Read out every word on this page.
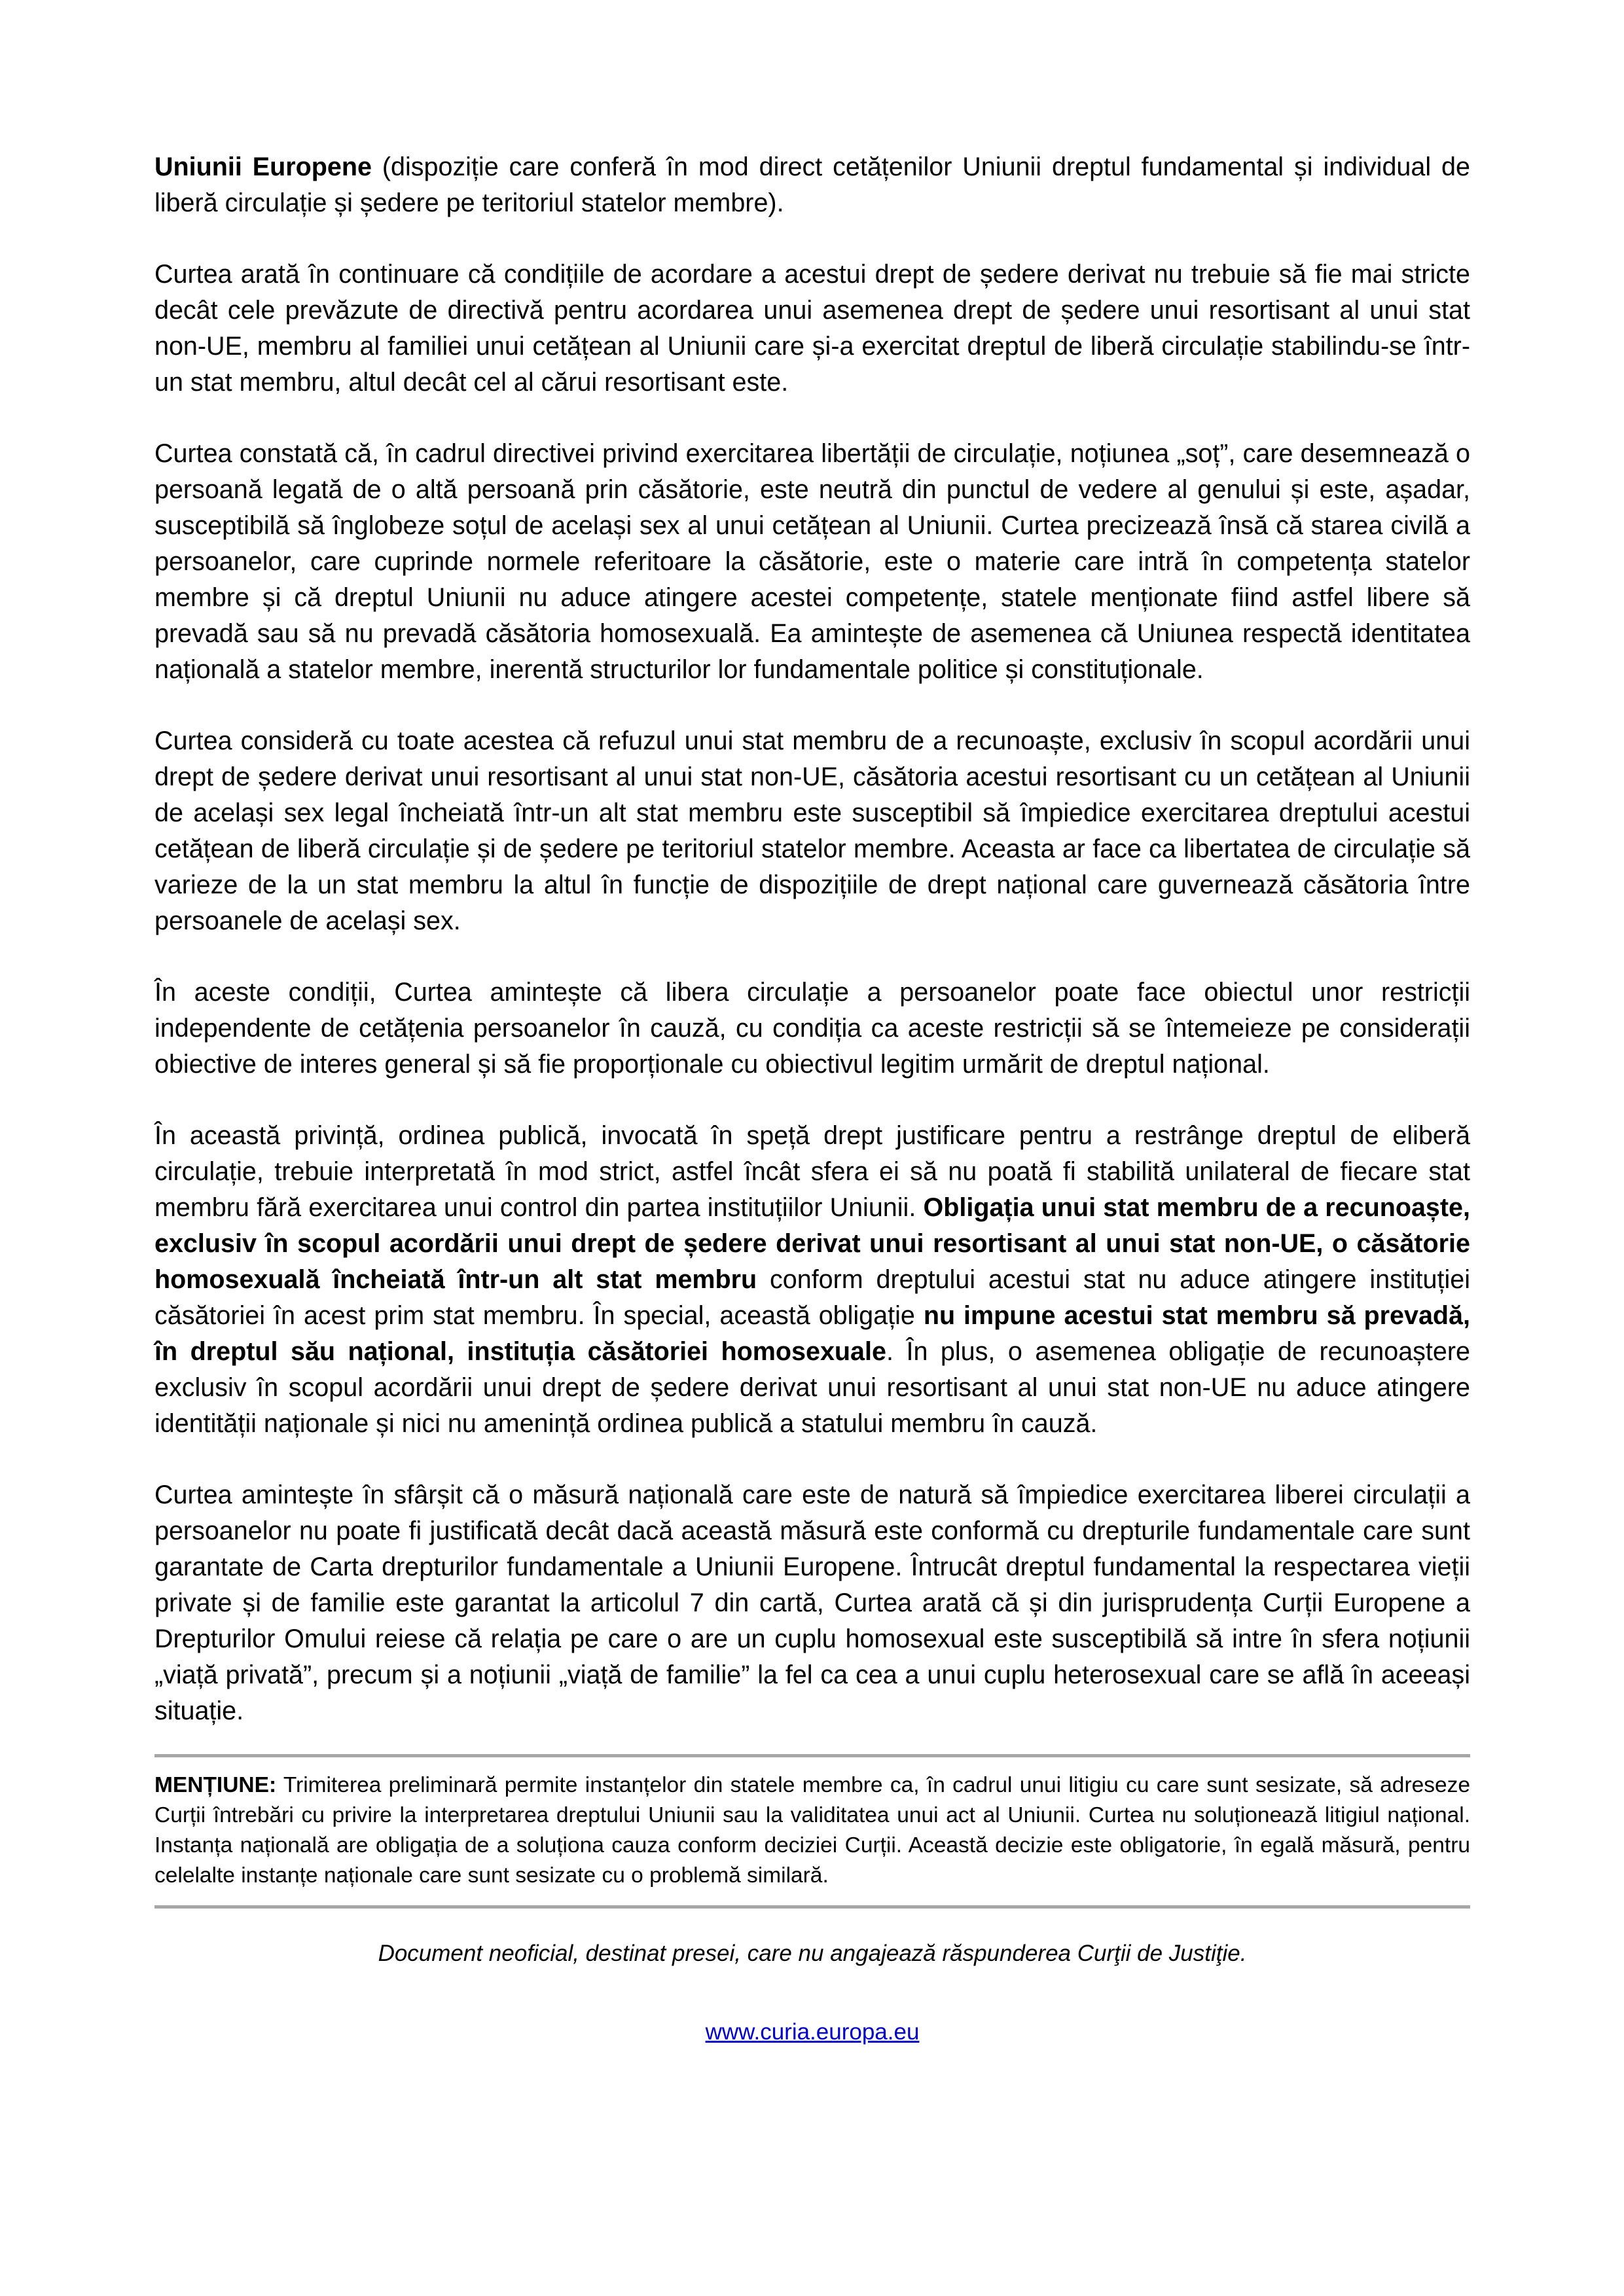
Uniunii Europene (dispoziție care conferă în mod direct cetățenilor Uniunii dreptul fundamental și individual de liberă circulație și ședere pe teritoriul statelor membre).

Curtea arată în continuare că condițiile de acordare a acestui drept de ședere derivat nu trebuie să fie mai stricte decât cele prevăzute de directivă pentru acordarea unui asemenea drept de ședere unui resortisant al unui stat non-UE, membru al familiei unui cetățean al Uniunii care și-a exercitat dreptul de liberă circulație stabilindu-se într-un stat membru, altul decât cel al cărui resortisant este.

Curtea constată că, în cadrul directivei privind exercitarea libertății de circulație, noțiunea „soț”, care desemnează o persoană legată de o altă persoană prin căsătorie, este neutră din punctul de vedere al genului și este, așadar, susceptibilă să înglobeze soțul de același sex al unui cetățean al Uniunii. Curtea precizează însă că starea civilă a persoanelor, care cuprinde normele referitoare la căsătorie, este o materie care intră în competența statelor membre și că dreptul Uniunii nu aduce atingere acestei competențe, statele menționate fiind astfel libere să prevadă sau să nu prevadă căsătoria homosexuală. Ea amintește de asemenea că Uniunea respectă identitatea națională a statelor membre, inerentă structurilor lor fundamentale politice și constituționale.

Curtea consideră cu toate acestea că refuzul unui stat membru de a recunoaște, exclusiv în scopul acordării unui drept de ședere derivat unui resortisant al unui stat non-UE, căsătoria acestui resortisant cu un cetățean al Uniunii de același sex legal încheiată într-un alt stat membru este susceptibil să împiedice exercitarea dreptului acestui cetățean de liberă circulație și de ședere pe teritoriul statelor membre. Aceasta ar face ca libertatea de circulație să varieze de la un stat membru la altul în funcție de dispozițiile de drept național care guvernează căsătoria între persoanele de același sex.

În aceste condiții, Curtea amintește că libera circulație a persoanelor poate face obiectul unor restricții independente de cetățenia persoanelor în cauză, cu condiția ca aceste restricții să se întemeieze pe considerații obiective de interes general și să fie proporționale cu obiectivul legitim urmărit de dreptul național.

În această privință, ordinea publică, invocată în speță drept justificare pentru a restrânge dreptul de eliberă circulație, trebuie interpretată în mod strict, astfel încât sfera ei să nu poată fi stabilită unilateral de fiecare stat membru fără exercitarea unui control din partea instituțiilor Uniunii. Obligația unui stat membru de a recunoaște, exclusiv în scopul acordării unui drept de ședere derivat unui resortisant al unui stat non-UE, o căsătorie homosexuală încheiată într-un alt stat membru conform dreptului acestui stat nu aduce atingere instituției căsătoriei în acest prim stat membru. În special, această obligație nu impune acestui stat membru să prevadă, în dreptul său național, instituția căsătoriei homosexuale. În plus, o asemenea obligație de recunoaștere exclusiv în scopul acordării unui drept de ședere derivat unui resortisant al unui stat non-UE nu aduce atingere identității naționale și nici nu amenință ordinea publică a statului membru în cauză.

Curtea amintește în sfârșit că o măsură națională care este de natură să împiedice exercitarea liberei circulații a persoanelor nu poate fi justificată decât dacă această măsură este conformă cu drepturile fundamentale care sunt garantate de Carta drepturilor fundamentale a Uniunii Europene. Întrucât dreptul fundamental la respectarea vieții private și de familie este garantat la articolul 7 din cartă, Curtea arată că și din jurisprudența Curții Europene a Drepturilor Omului reiese că relația pe care o are un cuplu homosexual este susceptibilă să intre în sfera noțiunii „viață privată”, precum și a noțiunii „viață de familie” la fel ca cea a unui cuplu heterosexual care se află în aceeași situație.

MENȚIUNE: Trimiterea preliminară permite instanțelor din statele membre ca, în cadrul unui litigiu cu care sunt sesizate, să adreseze Curții întrebări cu privire la interpretarea dreptului Uniunii sau la validitatea unui act al Uniunii. Curtea nu soluționează litigiul național. Instanța națională are obligația de a soluționa cauza conform deciziei Curții. Această decizie este obligatorie, în egală măsură, pentru celelalte instanțe naționale care sunt sesizate cu o problemă similară.

Document neoficial, destinat presei, care nu angajează răspunderea Curţii de Justiţie.
www.curia.europa.eu
